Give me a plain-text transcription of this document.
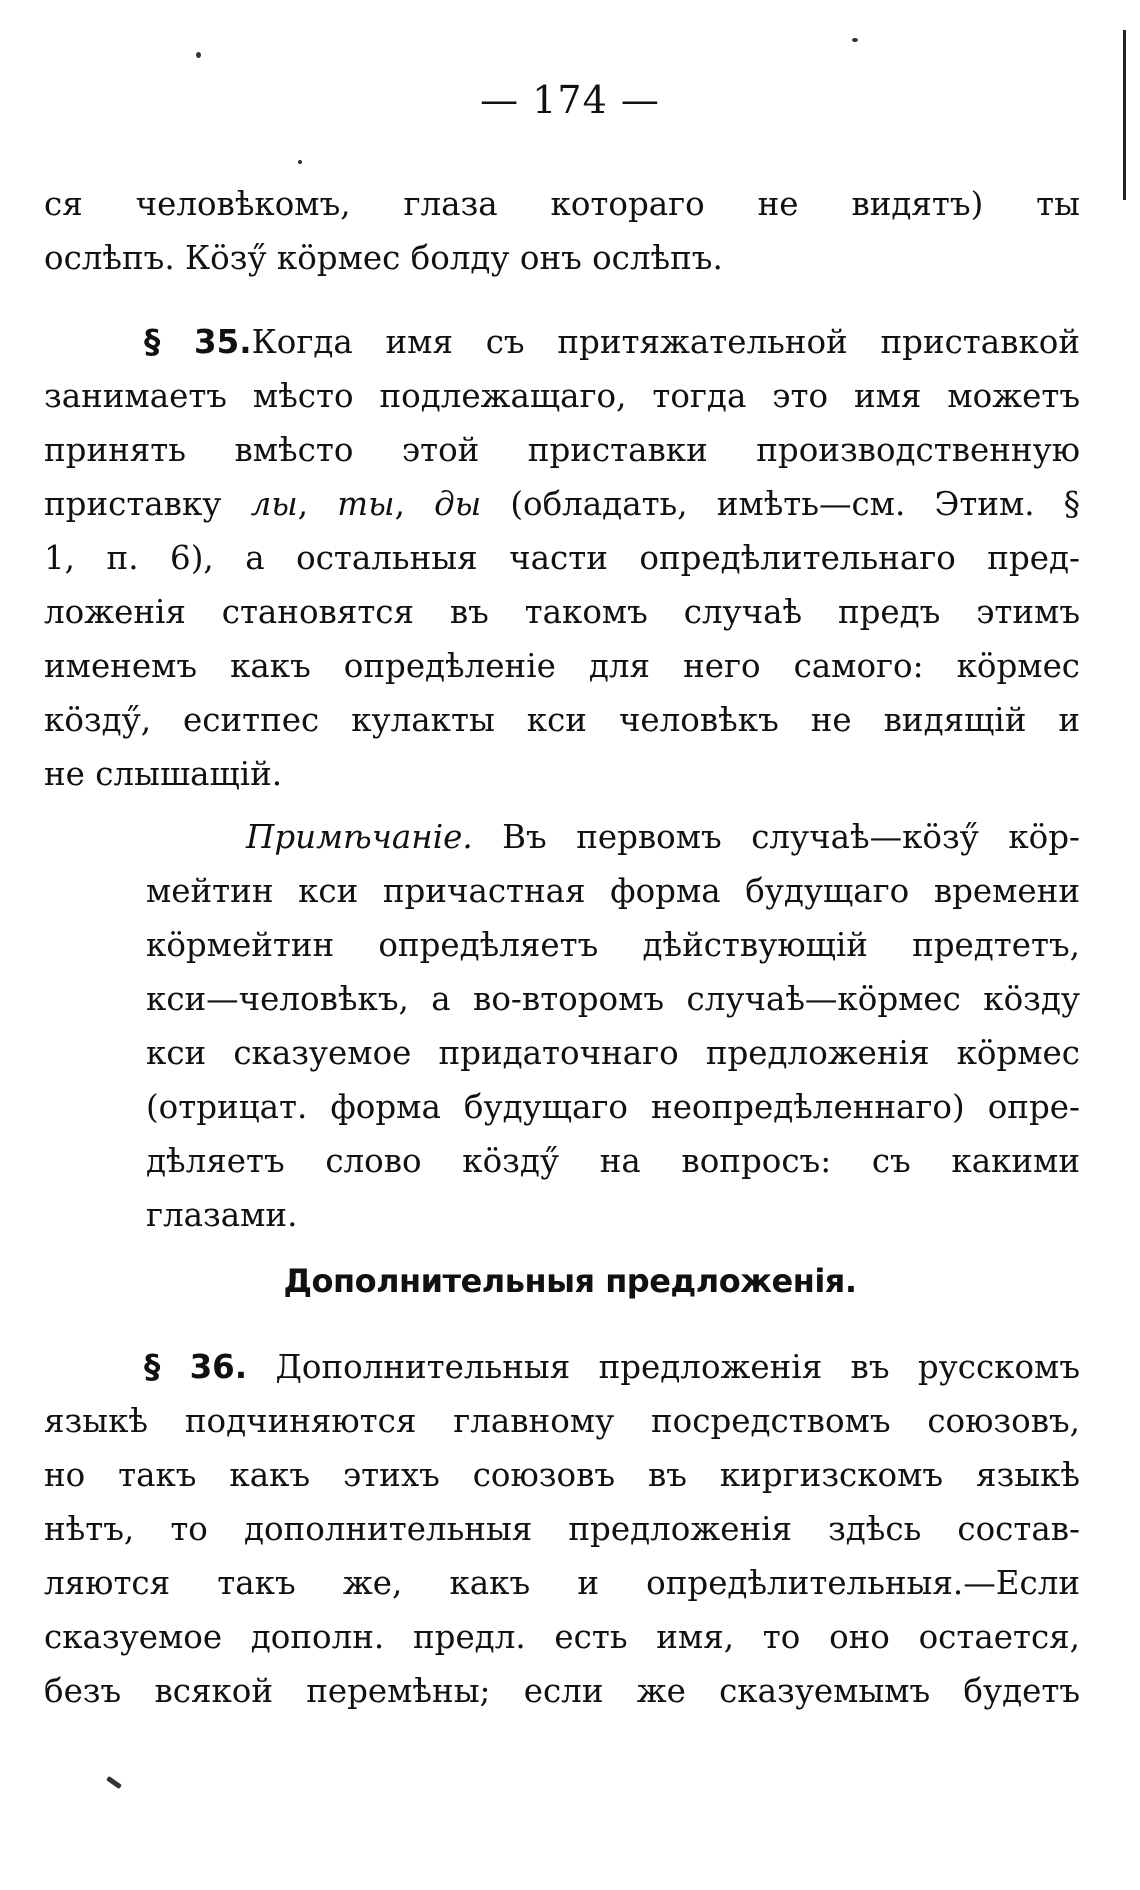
— 174 —
ся человѣкомъ, глаза котораго не видятъ) ты
ослѣпъ. Кöзӳ кöрмес болду онъ ослѣпъ.
§ 35.Когда имя съ притяжательной приставкой
занимаетъ мѣсто подлежащаго, тогда это имя можетъ
принять вмѣсто этой приставки производственную
приставку лы, ты, ды (обладать, имѣть—см. Этим. §
1, п. 6), а остальныя части опредѣлительнаго пред-
ложенія становятся въ такомъ случаѣ предъ этимъ
именемъ какъ опредѣленіе для него самого: кöрмес
кöздӳ, еситпес кулакты кси человѣкъ не видящій и
не слышащій.
Примѣчаніе. Въ первомъ случаѣ—кöзӳ кöр-
мейтин кси причастная форма будущаго времени
кöрмейтин опредѣляетъ дѣйствующій предтетъ,
кси—человѣкъ, а во-второмъ случаѣ—кöрмес кöзду
кси сказуемое придаточнаго предложенія кöрмес
(отрицат. форма будущаго неопредѣленнаго) опре-
дѣляетъ слово кöздӳ на вопросъ: съ какими
глазами.
Дополнительныя предложенія.
§ 36. Дополнительныя предложенія въ русскомъ
языкѣ подчиняются главному посредствомъ союзовъ,
но такъ какъ этихъ союзовъ въ киргизскомъ языкѣ
нѣтъ, то дополнительныя предложенія здѣсь состав-
ляются такъ же, какъ и опредѣлительныя.—Если
сказуемое дополн. предл. есть имя, то оно остается,
безъ всякой перемѣны; если же сказуемымъ будетъ
